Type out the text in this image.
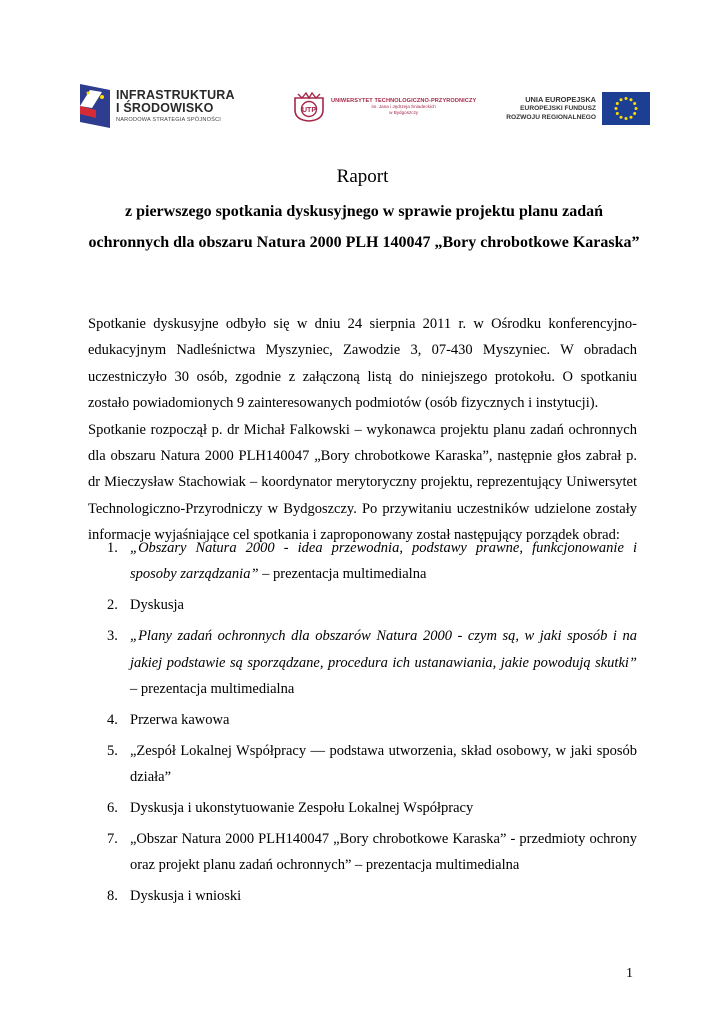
INFRASTRUKTURA
I ŚRODOWISKO
NARODOWA STRATEGIA SPÓJNOŚCI
UTP
UNIWERSYTET TECHNOLOGICZNO-PRZYRODNICZY
im. Jana i Jędrzeja Śniadeckich
w Bydgoszczy
UNIA EUROPEJSKA
EUROPEJSKI FUNDUSZ
ROZWOJU REGIONALNEGO
Raport
z pierwszego spotkania dyskusyjnego w sprawie projektu planu zadań ochronnych dla obszaru Natura 2000 PLH 140047 „Bory chrobotkowe Karaska”

Spotkanie dyskusyjne odbyło się w dniu 24 sierpnia 2011 r. w Ośrodku konferencyjno-edukacyjnym Nadleśnictwa Myszyniec, Zawodzie 3, 07-430 Myszyniec. W obradach uczestniczyło 30 osób, zgodnie z załączoną listą do niniejszego protokołu. O spotkaniu zostało powiadomionych 9 zainteresowanych podmiotów (osób fizycznych i instytucji).

Spotkanie rozpoczął p. dr Michał Falkowski – wykonawca projektu planu zadań ochronnych dla obszaru Natura 2000 PLH140047 „Bory chrobotkowe Karaska”, następnie głos zabrał p. dr Mieczysław Stachowiak – koordynator merytoryczny projektu, reprezentujący Uniwersytet Technologiczno-Przyrodniczy w Bydgoszczy. Po przywitaniu uczestników udzielone zostały informacje wyjaśniające cel spotkania i zaproponowany został następujący porządek obrad:

1. „Obszary Natura 2000 - idea przewodnia, podstawy prawne, funkcjonowanie i sposoby zarządzania” – prezentacja multimedialna
2. Dyskusja
3. „Plany zadań ochronnych dla obszarów Natura 2000 - czym są, w jaki sposób i na jakiej podstawie są sporządzane, procedura ich ustanawiania, jakie powodują skutki” – prezentacja multimedialna
4. Przerwa kawowa
5. „Zespół Lokalnej Współpracy — podstawa utworzenia, skład osobowy, w jaki sposób działa”
6. Dyskusja i ukonstytuowanie Zespołu Lokalnej Współpracy
7. „Obszar Natura 2000 PLH140047 „Bory chrobotkowe Karaska” - przedmioty ochrony oraz projekt planu zadań ochronnych” – prezentacja multimedialna
8. Dyskusja i wnioski
1
